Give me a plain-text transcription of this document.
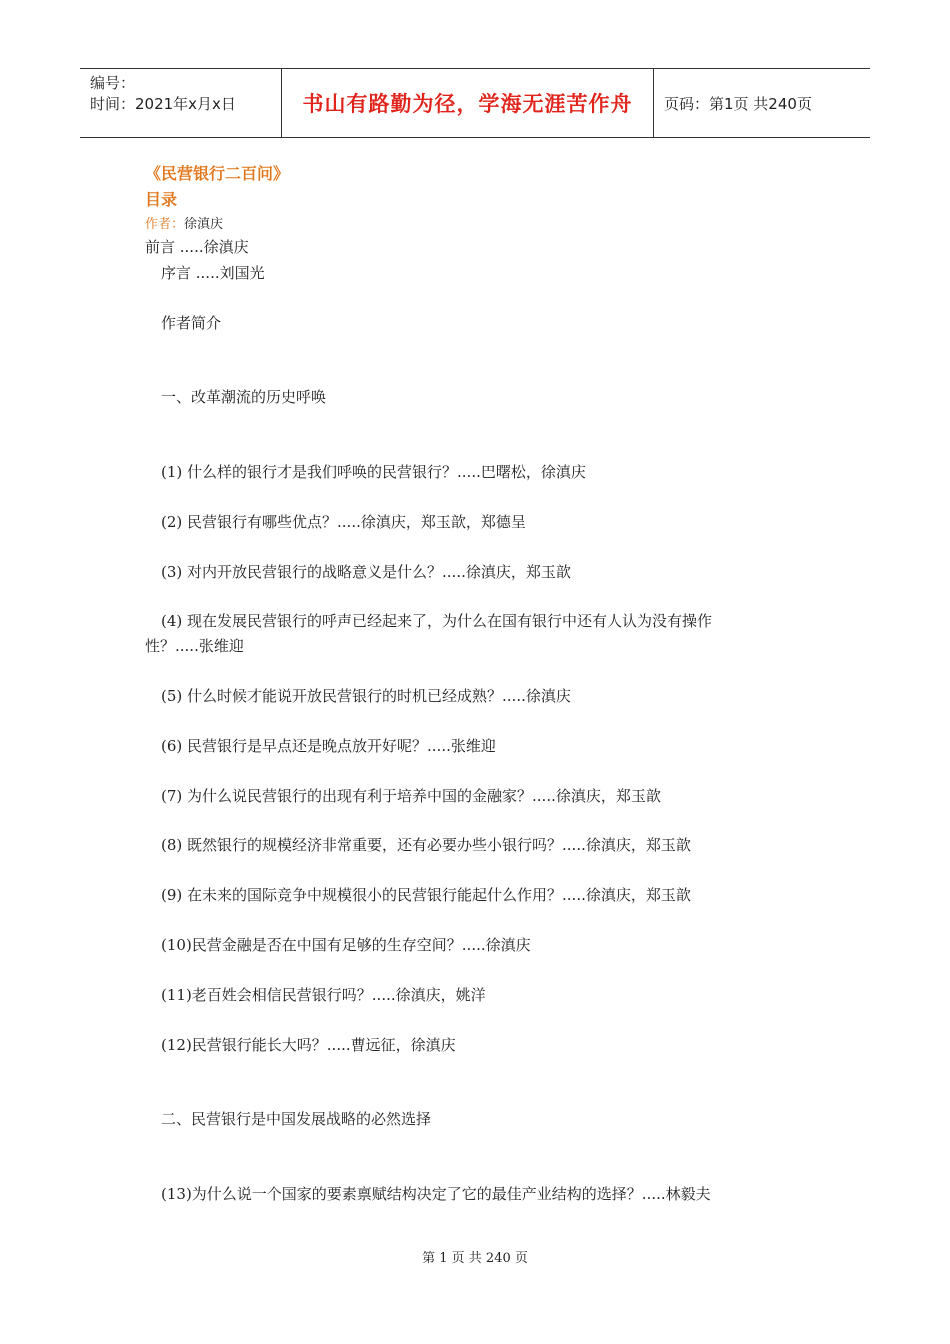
编号：
时间：2021年x月x日	书山有路勤为径，学海无涯苦作舟	页码：第1页 共240页
《民营银行二百问》
目录
作者：徐滇庆
前言 .....徐滇庆
序言 .....刘国光
作者简介
一、改革潮流的历史呼唤
(1) 什么样的银行才是我们呼唤的民营银行？.....巴曙松，徐滇庆
(2) 民营银行有哪些优点？.....徐滇庆，郑玉歆，郑德呈
(3) 对内开放民营银行的战略意义是什么？.....徐滇庆，郑玉歆
(4) 现在发展民营银行的呼声已经起来了，为什么在国有银行中还有人认为没有操作
性？.....张维迎
(5) 什么时候才能说开放民营银行的时机已经成熟？.....徐滇庆
(6) 民营银行是早点还是晚点放开好呢？.....张维迎
(7) 为什么说民营银行的出现有利于培养中国的金融家？.....徐滇庆，郑玉歆
(8) 既然银行的规模经济非常重要，还有必要办些小银行吗？.....徐滇庆，郑玉歆
(9) 在未来的国际竞争中规模很小的民营银行能起什么作用？.....徐滇庆，郑玉歆
(10)民营金融是否在中国有足够的生存空间？.....徐滇庆
(11)老百姓会相信民营银行吗？.....徐滇庆，姚洋
(12)民营银行能长大吗？.....曹远征，徐滇庆
二、民营银行是中国发展战略的必然选择
(13)为什么说一个国家的要素禀赋结构决定了它的最佳产业结构的选择？.....林毅夫
第 1 页 共 240 页
